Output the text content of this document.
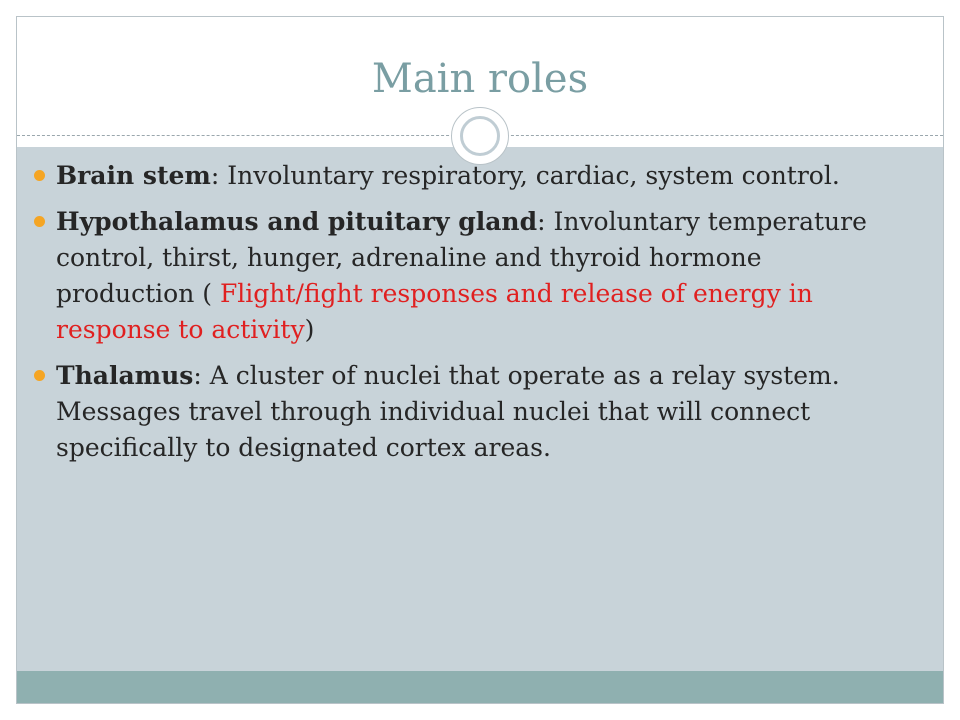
Main roles
Brain stem: Involuntary respiratory, cardiac, system control.
Hypothalamus and pituitary gland: Involuntary temperature control, thirst, hunger, adrenaline and thyroid hormone production ( Flight/fight responses and release of energy in response to activity)
Thalamus: A cluster of nuclei that operate as a relay system. Messages travel through individual nuclei that will connect specifically to designated cortex areas.
